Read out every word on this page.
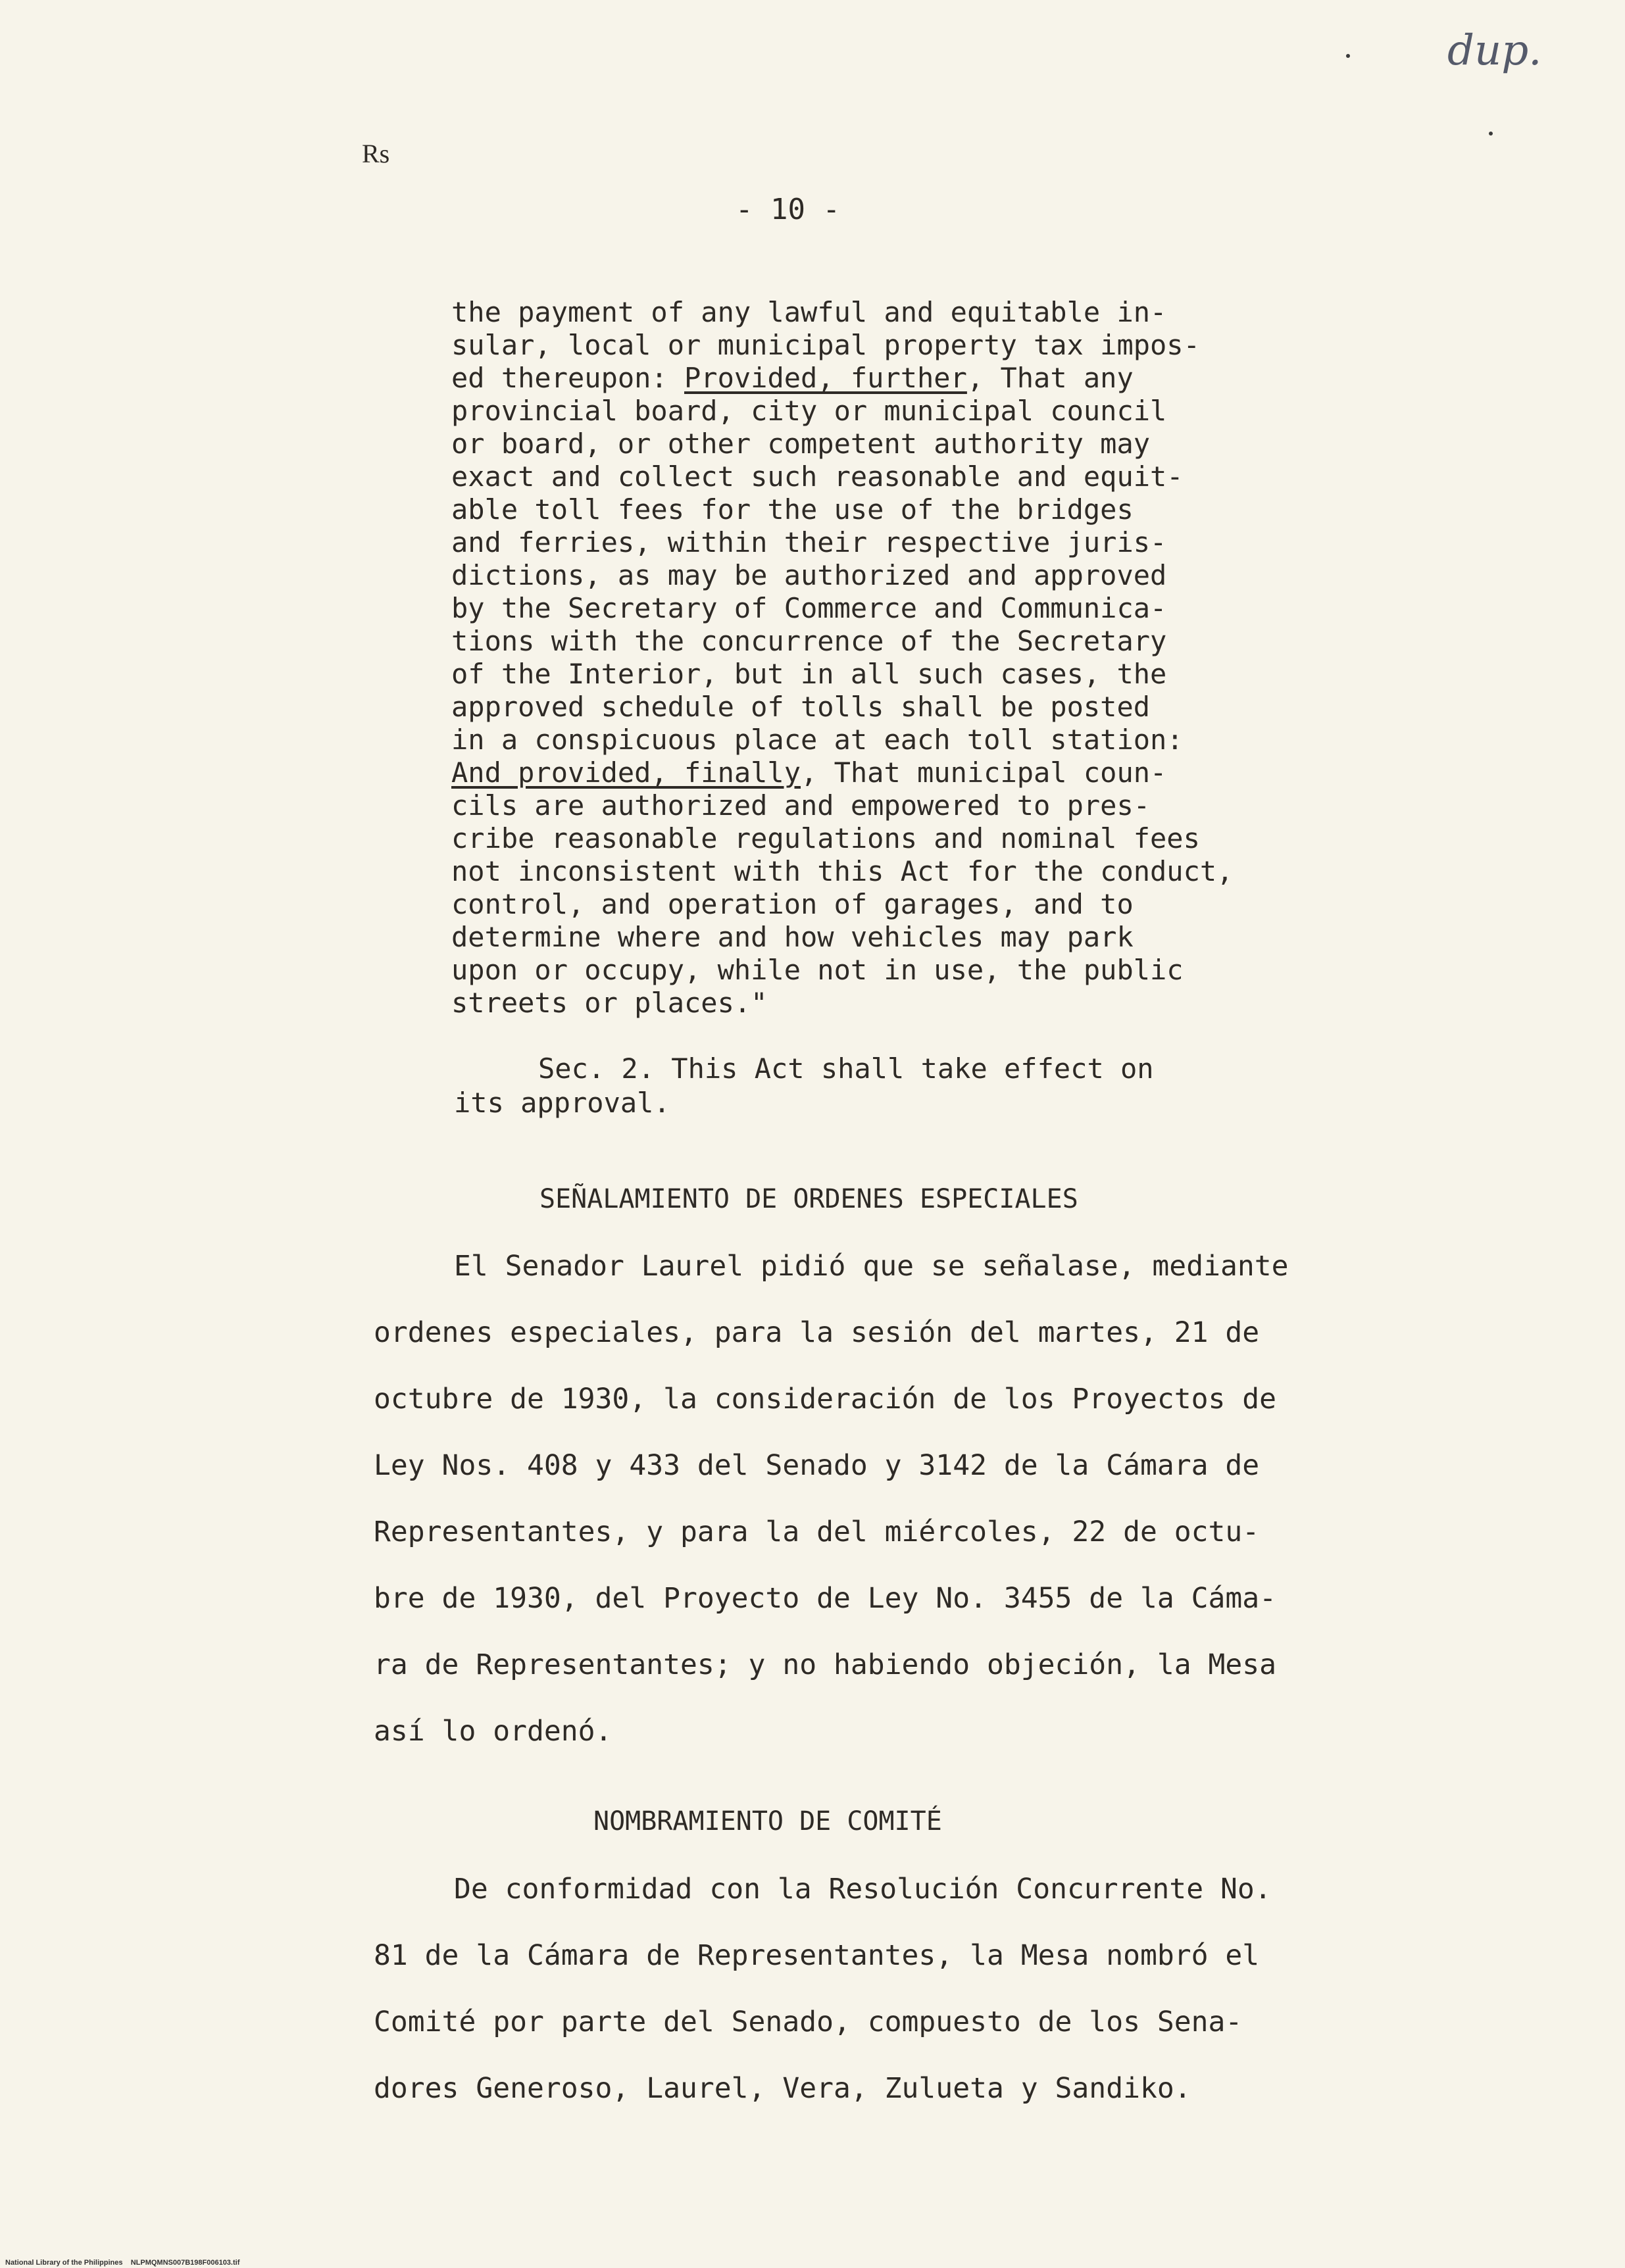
dup.
Rs
- 10 -
the payment of any lawful and equitable in-
sular, local or municipal property tax impos-
ed thereupon: Provided, further, That any
provincial board, city or municipal council
or board, or other competent authority may
exact and collect such reasonable and equit-
able toll fees for the use of the bridges
and ferries, within their respective juris-
dictions, as may be authorized and approved
by the Secretary of Commerce and Communica-
tions with the concurrence of the Secretary
of the Interior, but in all such cases, the
approved schedule of tolls shall be posted
in a conspicuous place at each toll station:
And provided, finally, That municipal coun-
cils are authorized and empowered to pres-
cribe reasonable regulations and nominal fees
not inconsistent with this Act for the conduct,
control, and operation of garages, and to
determine where and how vehicles may park
upon or occupy, while not in use, the public
streets or places."
Sec. 2. This Act shall take effect on
its approval.
SEÑALAMIENTO DE ORDENES ESPECIALES
El Senador Laurel pidió que se señalase, mediante
ordenes especiales, para la sesión del martes, 21 de
octubre de 1930, la consideración de los Proyectos de
Ley Nos. 408 y 433 del Senado y 3142 de la Cámara de
Representantes, y para la del miércoles, 22 de octu-
bre de 1930, del Proyecto de Ley No. 3455 de la Cáma-
ra de Representantes; y no habiendo objeción, la Mesa
así lo ordenó.
NOMBRAMIENTO DE COMITÉ
De conformidad con la Resolución Concurrente No.
81 de la Cámara de Representantes, la Mesa nombró el
Comité por parte del Senado, compuesto de los Sena-
dores Generoso, Laurel, Vera, Zulueta y Sandiko.
National Library of the Philippines    NLPMQMNS007B198F006103.tif
